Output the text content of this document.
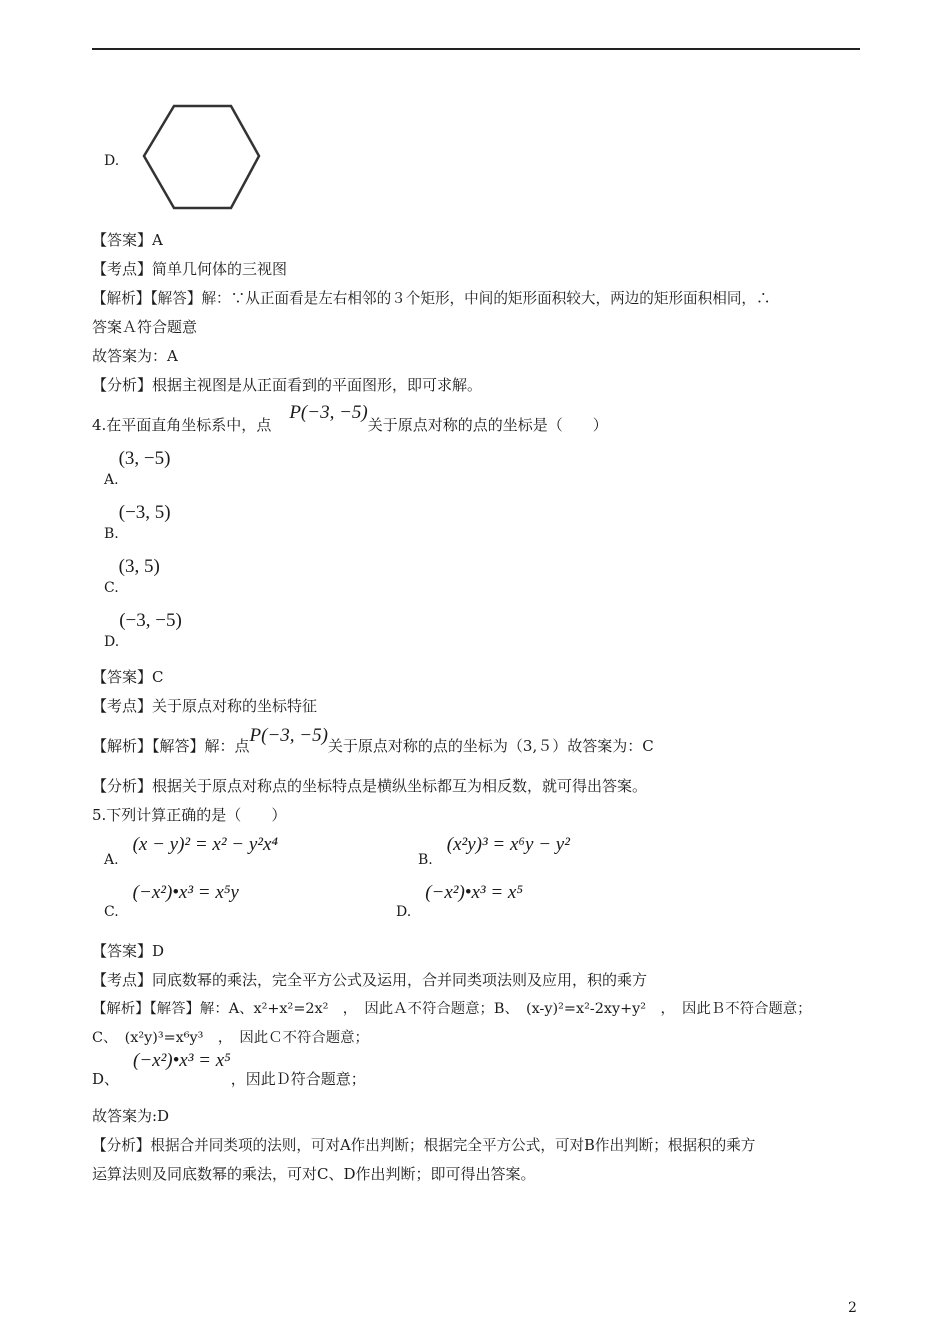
D.
【答案】A
【考点】简单几何体的三视图
【解析】【解答】解：∵从正面看是左右相邻的３个矩形，中间的矩形面积较大，两边的矩形面积相同，∴
答案Ａ符合题意
故答案为：A
【分析】根据主视图是从正面看到的平面图形，即可求解。
4.在平面直角坐标系中，点P(−3, −5)关于原点对称的点的坐标是（　　）
A.(3, −5)
B.(−3, 5)
C.(3, 5)
D.(−3, −5)
【答案】C
【考点】关于原点对称的坐标特征
【解析】【解答】解：点P(−3, −5)关于原点对称的点的坐标为（3,５）故答案为：C
【分析】根据关于原点对称点的坐标特点是横纵坐标都互为相反数，就可得出答案。
5.下列计算正确的是（　　）
A.(x − y)² = x² − y²x⁴
B.(x²y)³ = x⁶y − y²
C.(−x²)•x³ = x⁵y
D.(−x²)•x³ = x⁵
【答案】D
【考点】同底数幂的乘法，完全平方公式及运用，合并同类项法则及应用，积的乘方
【解析】【解答】解：A、x²+x²=2x²　，　因此Ａ不符合题意；B、　(x-y)²=x²-2xy+y²　，　因此Ｂ不符合题意；
C、　(x²y)³=x⁶y³　，　因此Ｃ不符合题意；
D、(−x²)•x³ = x⁵，因此Ｄ符合题意；
故答案为:D
【分析】根据合并同类项的法则，可对A作出判断；根据完全平方公式，可对B作出判断；根据积的乘方
运算法则及同底数幂的乘法，可对C、D作出判断；即可得出答案。
2
